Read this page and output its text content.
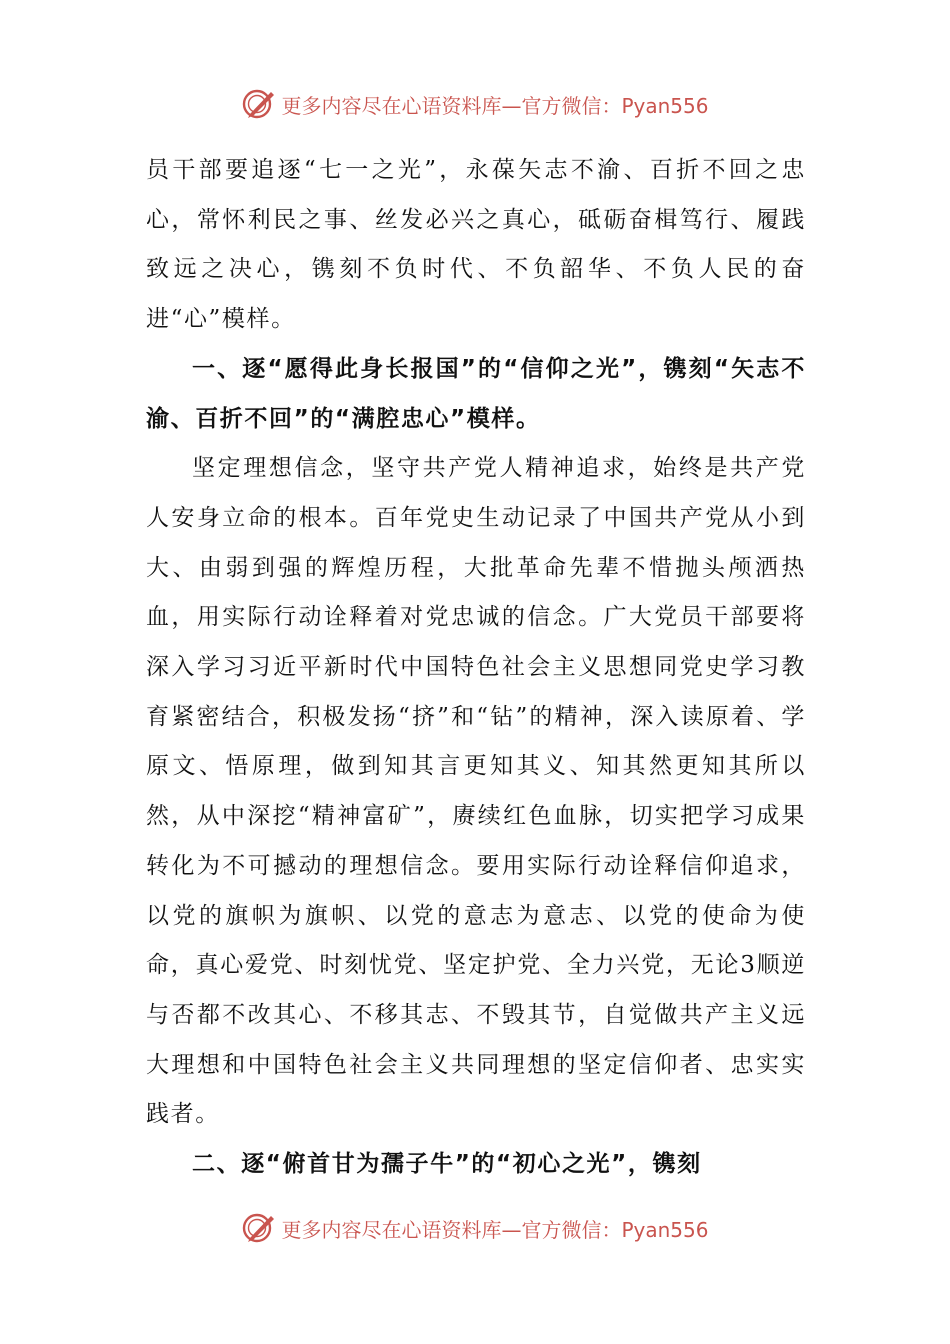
更多内容尽在心语资料库—官方微信：Pyan556

员干部要追逐“七一之光”，永葆矢志不渝、百折不回之忠心，常怀利民之事、丝发必兴之真心，砥砺奋楫笃行、履践致远之决心，镌刻不负时代、不负韶华、不负人民的奋进“心”模样。

一、逐“愿得此身长报国”的“信仰之光”，镌刻“矢志不渝、百折不回”的“满腔忠心”模样。

坚定理想信念，坚守共产党人精神追求，始终是共产党人安身立命的根本。百年党史生动记录了中国共产党从小到大、由弱到强的辉煌历程，大批革命先辈不惜抛头颅洒热血，用实际行动诠释着对党忠诚的信念。广大党员干部要将深入学习习近平新时代中国特色社会主义思想同党史学习教育紧密结合，积极发扬“挤”和“钻”的精神，深入读原着、学原文、悟原理，做到知其言更知其义、知其然更知其所以然，从中深挖“精神富矿”，赓续红色血脉，切实把学习成果转化为不可撼动的理想信念。要用实际行动诠释信仰追求，以党的旗帜为旗帜、以党的意志为意志、以党的使命为使命，真心爱党、时刻忧党、坚定护党、全力兴党，无论3顺逆与否都不改其心、不移其志、不毁其节，自觉做共产主义远大理想和中国特色社会主义共同理想的坚定信仰者、忠实实践者。

二、逐“俯首甘为孺子牛”的“初心之光”，镌刻

更多内容尽在心语资料库—官方微信：Pyan556
